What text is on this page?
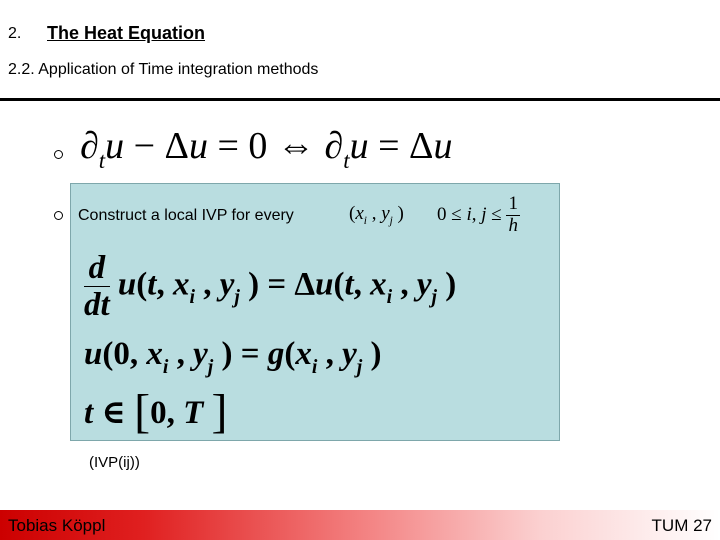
2. The Heat Equation
2.2. Application of Time integration methods
$\partial_tu - \Delta u = 0$ ⇔ $\partial_tu = \Delta u$
Construct a local IVP for every	($x_i$ , $y_j$ ) 0 ≤ i, $j \le \frac{1}{h}$
$\frac{d}{dt} u(t$, $x_i$ , $y_j$ ) = Δu(t, $x_i$ , $y_j$ )
u(0, $x_i$ , $y_j$ ) = $g(x_i$ , $y_j$ )
t ∈ [0, T ]
(IVP(ij))
Tobias Köppl	TUM 27
